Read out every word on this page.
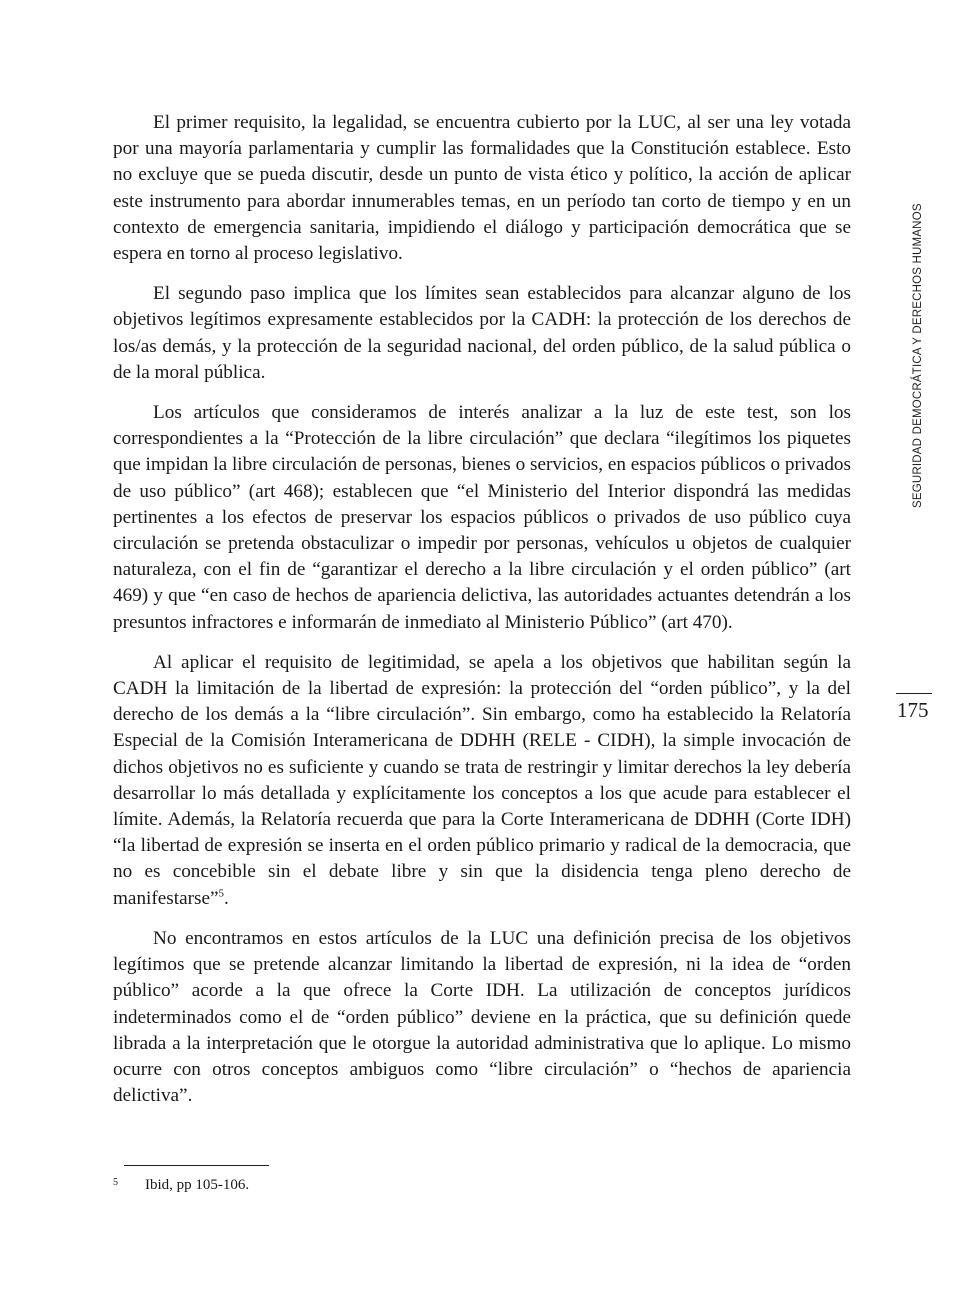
SEGURIDAD DEMOCRÁTICA Y DERECHOS HUMANOS
175

El primer requisito, la legalidad, se encuentra cubierto por la LUC, al ser una ley votada por una mayoría parlamentaria y cumplir las formalidades que la Constitución establece. Esto no excluye que se pueda discutir, desde un punto de vista ético y político, la acción de aplicar este instrumento para abordar innumerables temas, en un período tan corto de tiempo y en un contexto de emergencia sanitaria, impidiendo el diálogo y participación democrática que se espera en torno al proceso legislativo.

El segundo paso implica que los límites sean establecidos para alcanzar alguno de los objetivos legítimos expresamente establecidos por la CADH: la protección de los derechos de los/as demás, y la protección de la seguridad nacional, del orden público, de la salud pública o de la moral pública.

Los artículos que consideramos de interés analizar a la luz de este test, son los correspondientes a la “Protección de la libre circulación” que declara “ilegítimos los piquetes que impidan la libre circulación de personas, bienes o servicios, en espacios públicos o privados de uso público” (art 468); establecen que “el Ministerio del Interior dispondrá las medidas pertinentes a los efectos de preservar los espacios públicos o privados de uso público cuya circulación se pretenda obstaculizar o impedir por personas, vehículos u objetos de cualquier naturaleza, con el fin de “garantizar el derecho a la libre circulación y el orden público” (art 469) y que “en caso de hechos de apariencia delictiva, las autoridades actuantes detendrán a los presuntos infractores e informarán de inmediato al Ministerio Público” (art 470).

Al aplicar el requisito de legitimidad, se apela a los objetivos que habilitan según la CADH la limitación de la libertad de expresión: la protección del “orden público”, y la del derecho de los demás a la “libre circulación”. Sin embargo, como ha establecido la Relatoría Especial de la Comisión Interamericana de DDHH (RELE - CIDH), la simple invocación de dichos objetivos no es suficiente y cuando se trata de restringir y limitar derechos la ley debería desarrollar lo más detallada y explícitamente los conceptos a los que acude para establecer el límite. Además, la Relatoría recuerda que para la Corte Interamericana de DDHH (Corte IDH) “la libertad de expresión se inserta en el orden público primario y radical de la democracia, que no es concebible sin el debate libre y sin que la disidencia tenga pleno derecho de manifestarse”$^5$.

No encontramos en estos artículos de la LUC una definición precisa de los objetivos legítimos que se pretende alcanzar limitando la libertad de expresión, ni la idea de “orden público” acorde a la que ofrece la Corte IDH. La utilización de conceptos jurídicos indeterminados como el de “orden público” deviene en la práctica, que su definición quede librada a la interpretación que le otorgue la autoridad administrativa que lo aplique. Lo mismo ocurre con otros conceptos ambiguos como “libre circulación” o “hechos de apariencia delictiva”.

$^5$ Ibid, pp 105-106.
